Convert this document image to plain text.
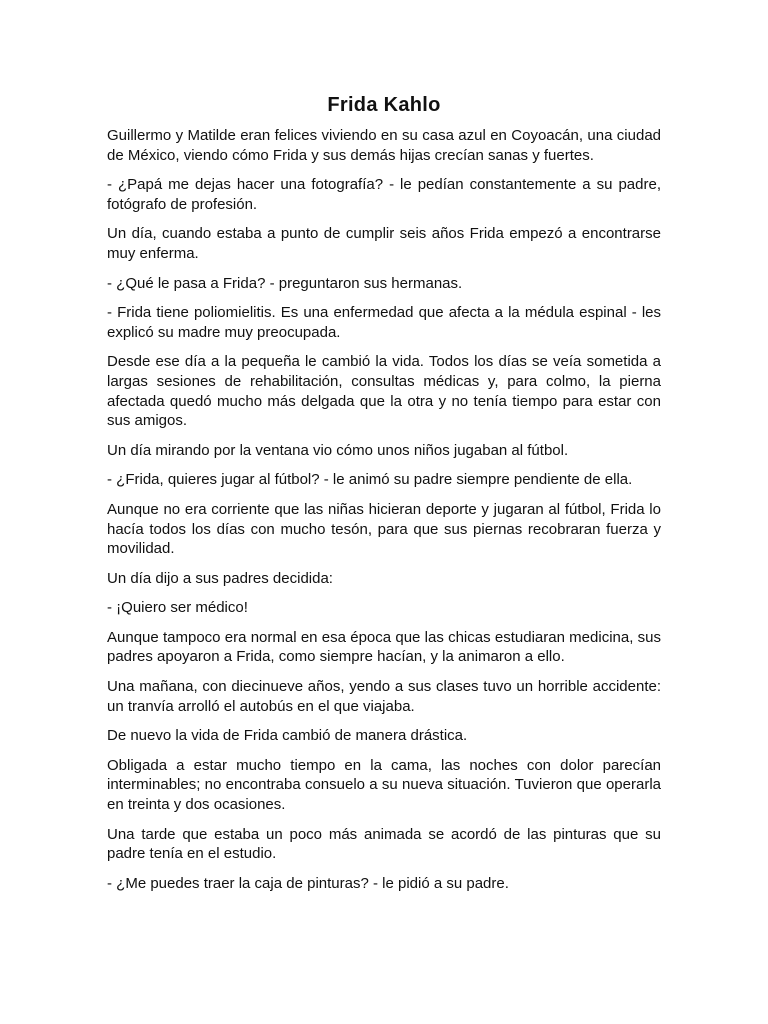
Frida Kahlo

Guillermo y Matilde eran felices viviendo en su casa azul en Coyoacán, una ciudad de México, viendo cómo Frida y sus demás hijas crecían sanas y fuertes.

- ¿Papá me dejas hacer una fotografía? - le pedían constantemente a su padre, fotógrafo de profesión.

Un día, cuando estaba a punto de cumplir seis años Frida empezó a encontrarse muy enferma.

- ¿Qué le pasa a Frida? - preguntaron sus hermanas.

- Frida tiene poliomielitis. Es una enfermedad que afecta a la médula espinal - les explicó su madre muy preocupada.

Desde ese día a la pequeña le cambió la vida. Todos los días se veía sometida a largas sesiones de rehabilitación, consultas médicas y, para colmo, la pierna afectada quedó mucho más delgada que la otra y no tenía tiempo para estar con sus amigos.

Un día mirando por la ventana vio cómo unos niños jugaban al fútbol.

- ¿Frida, quieres jugar al fútbol? - le animó su padre siempre pendiente de ella.

Aunque no era corriente que las niñas hicieran deporte y jugaran al fútbol, Frida lo hacía todos los días con mucho tesón, para que sus piernas recobraran fuerza y movilidad.

Un día dijo a sus padres decidida:

- ¡Quiero ser médico!

Aunque tampoco era normal en esa época que las chicas estudiaran medicina, sus padres apoyaron a Frida, como siempre hacían, y la animaron a ello.

Una mañana, con diecinueve años, yendo a sus clases tuvo un horrible accidente: un tranvía arrolló el autobús en el que viajaba.

De nuevo la vida de Frida cambió de manera drástica.

Obligada a estar mucho tiempo en la cama, las noches con dolor parecían interminables; no encontraba consuelo a su nueva situación. Tuvieron que operarla en treinta y dos ocasiones.

Una tarde que estaba un poco más animada se acordó de las pinturas que su padre tenía en el estudio.

- ¿Me puedes traer la caja de pinturas? - le pidió a su padre.
